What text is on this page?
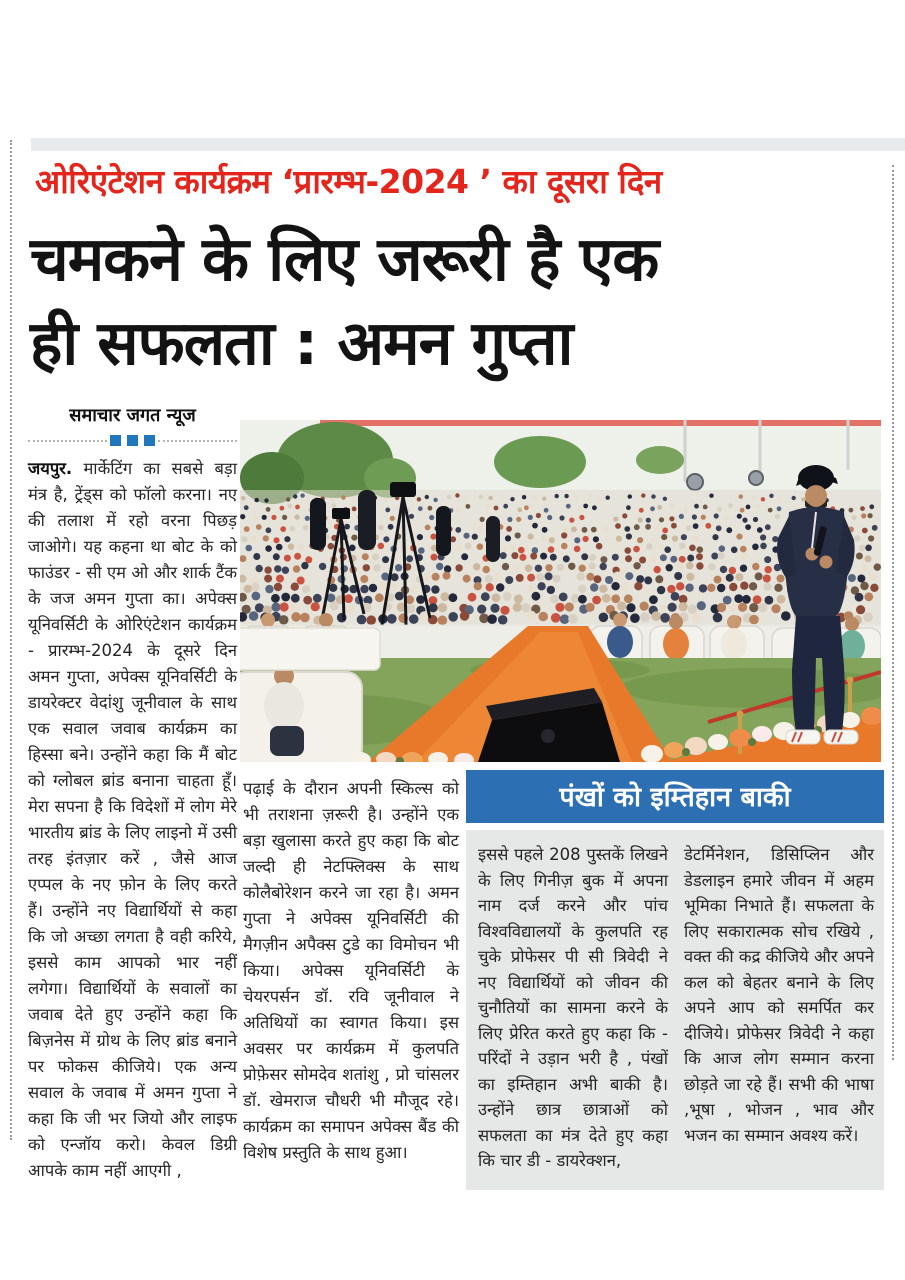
ओरिएंटेशन कार्यक्रम ‘प्रारम्भ-2024 ’ का दूसरा दिन
चमकने के लिए जरूरी है एक
ही सफलता : अमन गुप्ता
समाचार जगत न्यूज

जयपुर. मार्केटिंग का सबसे बड़ा मंत्र है, ट्रेंड्स को फॉलो करना। नए की तलाश में रहो वरना पिछड़ जाओगे। यह कहना था बोट के को फाउंडर - सी एम ओ और शार्क टैंक के जज अमन गुप्ता का। अपेक्स यूनिवर्सिटी के ओरिएंटेशन कार्यक्रम - प्रारम्भ-2024 के दूसरे दिन अमन गुप्ता, अपेक्स यूनिवर्सिटी के डायरेक्टर वेदांशु जूनीवाल के साथ एक सवाल जवाब कार्यक्रम का हिस्सा बने। उन्होंने कहा कि मैं बोट को ग्लोबल ब्रांड बनाना चाहता हूँ। मेरा सपना है कि विदेशों में लोग मेरे भारतीय ब्रांड के लिए लाइनो में उसी तरह इंतज़ार करें , जैसे आज एप्पल के नए फ़ोन के लिए करते हैं। उन्होंने नए विद्यार्थियों से कहा कि जो अच्छा लगता है वही करिये, इससे काम आपको भार नहीं लगेगा। विद्यार्थियों के सवालों का जवाब देते हुए उन्होंने कहा कि बिज़नेस में ग्रोथ के लिए ब्रांड बनाने पर फोकस कीजिये। एक अन्य सवाल के जवाब में अमन गुप्ता ने कहा कि जी भर जियो और लाइफ को एन्जॉय करो। केवल डिग्री आपके काम नहीं आएगी ,

पढ़ाई के दौरान अपनी स्किल्स को भी तराशना ज़रूरी है। उन्होंने एक बड़ा खुलासा करते हुए कहा कि बोट जल्दी ही नेटफ्लिक्स के साथ कोलैबोरेशन करने जा रहा है। अमन गुप्ता ने अपेक्स यूनिवर्सिटी की मैगज़ीन अपैक्स टुडे का विमोचन भी किया। अपेक्स यूनिवर्सिटी के चेयरपर्सन डॉ. रवि जूनीवाल ने अतिथियों का स्वागत किया। इस अवसर पर कार्यक्रम में कुलपति प्रोफ़ेसर सोमदेव शतांशु , प्रो चांसलर डॉ. खेमराज चौधरी भी मौजूद रहे। कार्यक्रम का समापन अपेक्स बैंड की विशेष प्रस्तुति के साथ हुआ।

पंखों को इम्तिहान बाकी
इससे पहले 208 पुस्तकें लिखने के लिए गिनीज़ बुक में अपना नाम दर्ज करने और पांच विश्वविद्यालयों के कुलपति रह चुके प्रोफेसर पी सी त्रिवेदी ने नए विद्यार्थियों को जीवन की चुनौतियों का सामना करने के लिए प्रेरित करते हुए कहा कि - परिंदों ने उड़ान भरी है , पंखों का इम्तिहान अभी बाकी है। उन्होंने छात्र छात्राओं को सफलता का मंत्र देते हुए कहा कि चार डी - डायरेक्शन,
डेटर्मिनेशन, डिसिप्लिन और डेडलाइन हमारे जीवन में अहम भूमिका निभाते हैं। सफलता के लिए सकारात्मक सोच रखिये , वक्त की कद्र कीजिये और अपने कल को बेहतर बनाने के लिए अपने आप को समर्पित कर दीजिये। प्रोफेसर त्रिवेदी ने कहा कि आज लोग सम्मान करना छोड़ते जा रहे हैं। सभी की भाषा ,भूषा , भोजन , भाव और भजन का सम्मान अवश्य करें।
